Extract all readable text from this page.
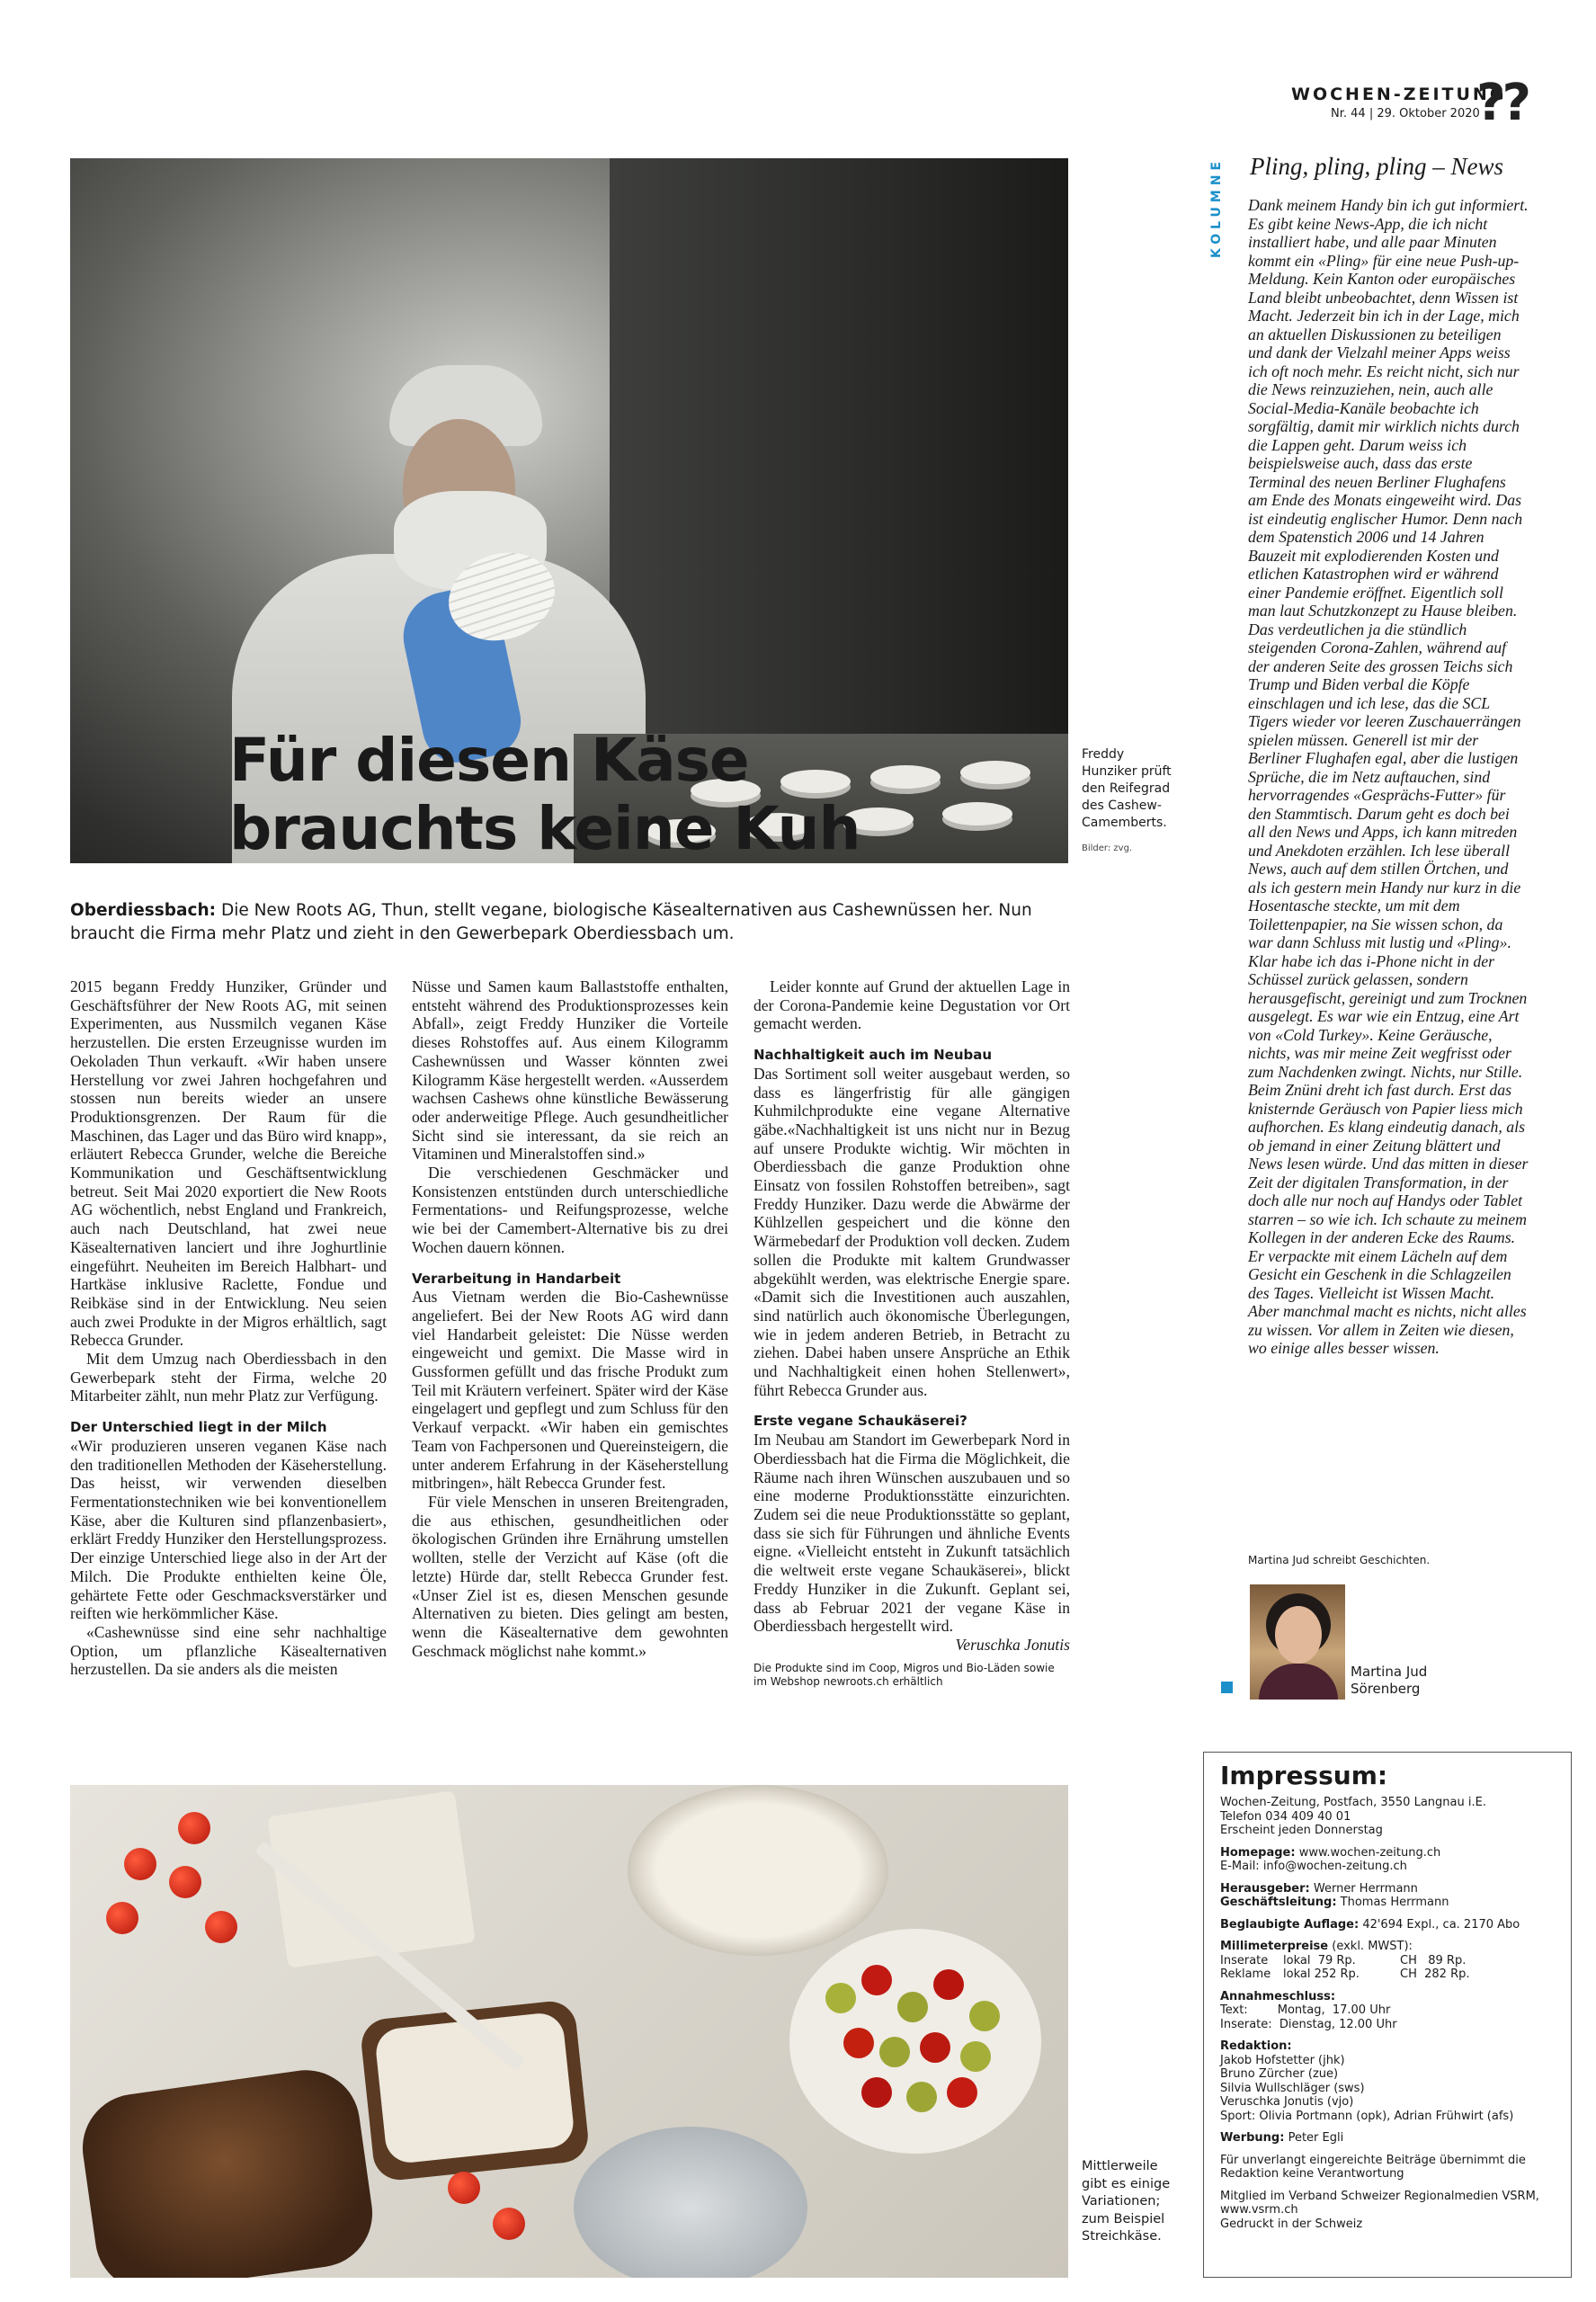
WOCHEN-ZEITUNG
Nr. 44 | 29. Oktober 2020
??
Für diesen Käse
brauchts keine Kuh
Freddy Hunziker prüft den Reifegrad des Cashew-Camemberts.
Bilder: zvg.
Oberdiessbach: Die New Roots AG, Thun, stellt vegane, biologische Käsealternativen aus Cashewnüssen her. Nun braucht die Firma mehr Platz und zieht in den Gewerbepark Oberdiessbach um.

2015 begann Freddy Hunziker, Gründer und Geschäftsführer der New Roots AG, mit seinen Experimenten, aus Nussmilch veganen Käse herzustellen. Die ersten Erzeugnisse wurden im Oekoladen Thun verkauft. «Wir haben unsere Herstellung vor zwei Jahren hochgefahren und stossen nun bereits wieder an unsere Produktionsgrenzen. Der Raum für die Maschinen, das Lager und das Büro wird knapp», erläutert Rebecca Grunder, welche die Bereiche Kommunikation und Geschäftsentwicklung betreut. Seit Mai 2020 exportiert die New Roots AG wöchentlich, nebst England und Frankreich, auch nach Deutschland, hat zwei neue Käsealternativen lanciert und ihre Joghurtlinie eingeführt. Neuheiten im Bereich Halbhart- und Hartkäse inklusive Raclette, Fondue und Reibkäse sind in der Entwicklung. Neu seien auch zwei Produkte in der Migros erhältlich, sagt Rebecca Grunder.

Mit dem Umzug nach Oberdiessbach in den Gewerbepark steht der Firma, welche 20 Mitarbeiter zählt, nun mehr Platz zur Verfügung.

Der Unterschied liegt in der Milch

«Wir produzieren unseren veganen Käse nach den traditionellen Methoden der Käseherstellung. Das heisst, wir verwenden dieselben Fermentationstechniken wie bei konventionellem Käse, aber die Kulturen sind pflanzenbasiert», erklärt Freddy Hunziker den Herstellungsprozess. Der einzige Unterschied liege also in der Art der Milch. Die Produkte enthielten keine Öle, gehärtete Fette oder Geschmacksverstärker und reiften wie herkömmlicher Käse.

«Cashewnüsse sind eine sehr nachhaltige Option, um pflanzliche Käsealternativen herzustellen. Da sie anders als die meisten

Nüsse und Samen kaum Ballaststoffe enthalten, entsteht während des Produktionsprozesses kein Abfall», zeigt Freddy Hunziker die Vorteile dieses Rohstoffes auf. Aus einem Kilogramm Cashewnüssen und Wasser könnten zwei Kilogramm Käse hergestellt werden. «Ausserdem wachsen Cashews ohne künstliche Bewässerung oder anderweitige Pflege. Auch gesundheitlicher Sicht sind sie interessant, da sie reich an Vitaminen und Mineralstoffen sind.»

Die verschiedenen Geschmäcker und Konsistenzen entstünden durch unterschiedliche Fermentations- und Reifungsprozesse, welche wie bei der Camembert-Alternative bis zu drei Wochen dauern können.

Verarbeitung in Handarbeit

Aus Vietnam werden die Bio-Cashewnüsse angeliefert. Bei der New Roots AG wird dann viel Handarbeit geleistet: Die Nüsse werden eingeweicht und gemixt. Die Masse wird in Gussformen gefüllt und das frische Produkt zum Teil mit Kräutern verfeinert. Später wird der Käse eingelagert und gepflegt und zum Schluss für den Verkauf verpackt. «Wir haben ein gemischtes Team von Fachpersonen und Quereinsteigern, die unter anderem Erfahrung in der Käseherstellung mitbringen», hält Rebecca Grunder fest.

Für viele Menschen in unseren Breitengraden, die aus ethischen, gesundheitlichen oder ökologischen Gründen ihre Ernährung umstellen wollten, stelle der Verzicht auf Käse (oft die letzte) Hürde dar, stellt Rebecca Grunder fest. «Unser Ziel ist es, diesen Menschen gesunde Alternativen zu bieten. Dies gelingt am besten, wenn die Käsealternative dem gewohnten Geschmack möglichst nahe kommt.»

Leider konnte auf Grund der aktuellen Lage in der Corona-Pandemie keine Degustation vor Ort gemacht werden.

Nachhaltigkeit auch im Neubau

Das Sortiment soll weiter ausgebaut werden, so dass es längerfristig für alle gängigen Kuhmilchprodukte eine vegane Alternative gäbe.«Nachhaltigkeit ist uns nicht nur in Bezug auf unsere Produkte wichtig. Wir möchten in Oberdiessbach die ganze Produktion ohne Einsatz von fossilen Rohstoffen betreiben», sagt Freddy Hunziker. Dazu werde die Abwärme der Kühlzellen gespeichert und die könne den Wärmebedarf der Produktion voll decken. Zudem sollen die Produkte mit kaltem Grundwasser abgekühlt werden, was elektrische Energie spare. «Damit sich die Investitionen auch auszahlen, sind natürlich auch ökonomische Überlegungen, wie in jedem anderen Betrieb, in Betracht zu ziehen. Dabei haben unsere Ansprüche an Ethik und Nachhaltigkeit einen hohen Stellenwert», führt Rebecca Grunder aus.

Erste vegane Schaukäserei?

Im Neubau am Standort im Gewerbepark Nord in Oberdiessbach hat die Firma die Möglichkeit, die Räume nach ihren Wünschen auszubauen und so eine moderne Produktionsstätte einzurichten. Zudem sei die neue Produktionsstätte so geplant, dass sie sich für Führungen und ähnliche Events eigne. «Vielleicht entsteht in Zukunft tatsächlich die weltweit erste vegane Schaukäserei», blickt Freddy Hunziker in die Zukunft. Geplant sei, dass ab Februar 2021 der vegane Käse in Oberdiessbach hergestellt wird.

Veruschka Jonutis
Die Produkte sind im Coop, Migros und Bio-Läden sowie im Webshop newroots.ch erhältlich
KOLUMNE Pling, pling, pling – News
Dank meinem Handy bin ich gut informiert. Es gibt keine News-App, die ich nicht installiert habe, und alle paar Minuten kommt ein «Pling» für eine neue Push-up-Meldung. Kein Kanton oder europäisches Land bleibt unbeobachtet, denn Wissen ist Macht. Jederzeit bin ich in der Lage, mich an aktuellen Diskussionen zu beteiligen und dank der Vielzahl meiner Apps weiss ich oft noch mehr. Es reicht nicht, sich nur die News reinzuziehen, nein, auch alle Social-Media-Kanäle beobachte ich sorgfältig, damit mir wirklich nichts durch die Lappen geht. Darum weiss ich beispielsweise auch, dass das erste Terminal des neuen Berliner Flughafens am Ende des Monats eingeweiht wird. Das ist eindeutig englischer Humor. Denn nach dem Spatenstich 2006 und 14 Jahren Bauzeit mit explodierenden Kosten und etlichen Katastrophen wird er während einer Pandemie eröffnet. Eigentlich soll man laut Schutzkonzept zu Hause bleiben. Das verdeutlichen ja die stündlich steigenden Corona-Zahlen, während auf der anderen Seite des grossen Teichs sich Trump und Biden verbal die Köpfe einschlagen und ich lese, das die SCL Tigers wieder vor leeren Zuschauerrängen spielen müssen. Generell ist mir der Berliner Flughafen egal, aber die lustigen Sprüche, die im Netz auftauchen, sind hervorragendes «Gesprächs-Futter» für den Stammtisch. Darum geht es doch bei all den News und Apps, ich kann mitreden und Anekdoten erzählen. Ich lese überall News, auch auf dem stillen Örtchen, und als ich gestern mein Handy nur kurz in die Hosentasche steckte, um mit dem Toilettenpapier, na Sie wissen schon, da war dann Schluss mit lustig und «Pling». Klar habe ich das i-Phone nicht in der Schüssel zurück gelassen, sondern herausgefischt, gereinigt und zum Trocknen ausgelegt. Es war wie ein Entzug, eine Art von «Cold Turkey». Keine Geräusche, nichts, was mir meine Zeit wegfrisst oder zum Nachdenken zwingt. Nichts, nur Stille. Beim Znüni dreht ich fast durch. Erst das knisternde Geräusch von Papier liess mich aufhorchen. Es klang eindeutig danach, als ob jemand in einer Zeitung blättert und News lesen würde. Und das mitten in dieser Zeit der digitalen Transformation, in der doch alle nur noch auf Handys oder Tablet starren – so wie ich. Ich schaute zu meinem Kollegen in der anderen Ecke des Raums. Er verpackte mit einem Lächeln auf dem Gesicht ein Geschenk in die Schlagzeilen des Tages. Vielleicht ist Wissen Macht. Aber manchmal macht es nichts, nicht alles zu wissen. Vor allem in Zeiten wie diesen, wo einige alles besser wissen.
Martina Jud schreibt Geschichten.
Martina Jud
Sörenberg
Impressum:
Wochen-Zeitung, Postfach, 3550 Langnau i.E.
Telefon 034 409 40 01
Erscheint jeden Donnerstag
Homepage: www.wochen-zeitung.ch
E-Mail: info@wochen-zeitung.ch
Herausgeber: Werner Herrmann
Geschäftsleitung: Thomas Herrmann
Beglaubigte Auflage: 42'694 Expl., ca. 2170 Abo
Millimeterpreise (exkl. MWST):
Inserate	lokal  79 Rp.	CH   89 Rp.
Reklame	lokal 252 Rp.	CH  282 Rp.
Annahmeschluss:
Text:        Montag,  17.00 Uhr
Inserate:  Dienstag, 12.00 Uhr
Redaktion:
Jakob Hofstetter (jhk)
Bruno Zürcher (zue)
Silvia Wullschläger (sws)
Veruschka Jonutis (vjo)
Sport: Olivia Portmann (opk), Adrian Frühwirt (afs)
Werbung: Peter Egli
Für unverlangt eingereichte Beiträge übernimmt die Redaktion keine Verantwortung
Mitglied im Verband Schweizer Regionalmedien VSRM, www.vsrm.ch
Gedruckt in der Schweiz
Mittlerweile gibt es einige Variationen; zum Beispiel Streichkäse.
